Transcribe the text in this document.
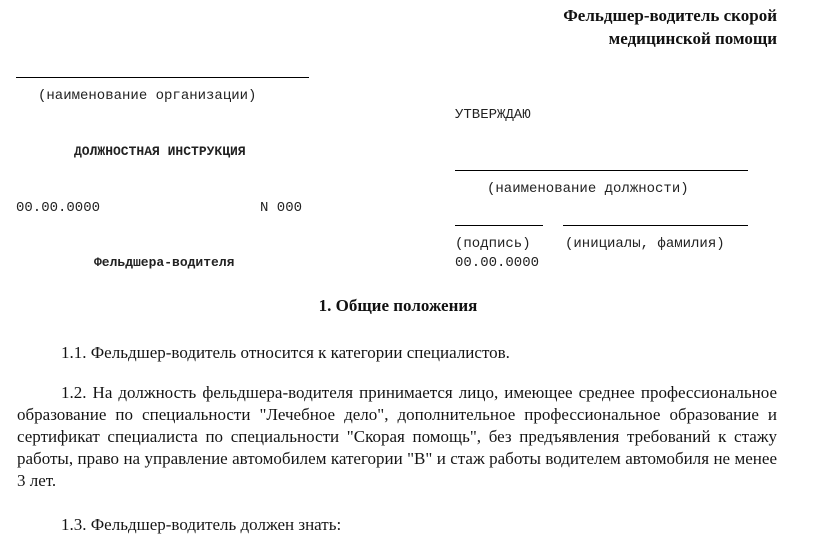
Фельдшер-водитель скорой
медицинской помощи
(наименование организации)
ДОЛЖНОСТНАЯ ИНСТРУКЦИЯ
00.00.0000	N 000
Фельдшера-водителя
УТВЕРЖДАЮ
(наименование должности)
(подпись) (инициалы, фамилия)
00.00.0000
1. Общие положения
1.1. Фельдшер-водитель относится к категории специалистов.
1.2. На должность фельдшера-водителя принимается лицо, имеющее среднее профессиональное образование по специальности "Лечебное дело", дополнительное профессиональное образование и сертификат специалиста по специальности "Скорая помощь", без предъявления требований к стажу работы, право на управление автомобилем категории "В" и стаж работы водителем автомобиля не менее 3 лет.
1.3. Фельдшер-водитель должен знать:
